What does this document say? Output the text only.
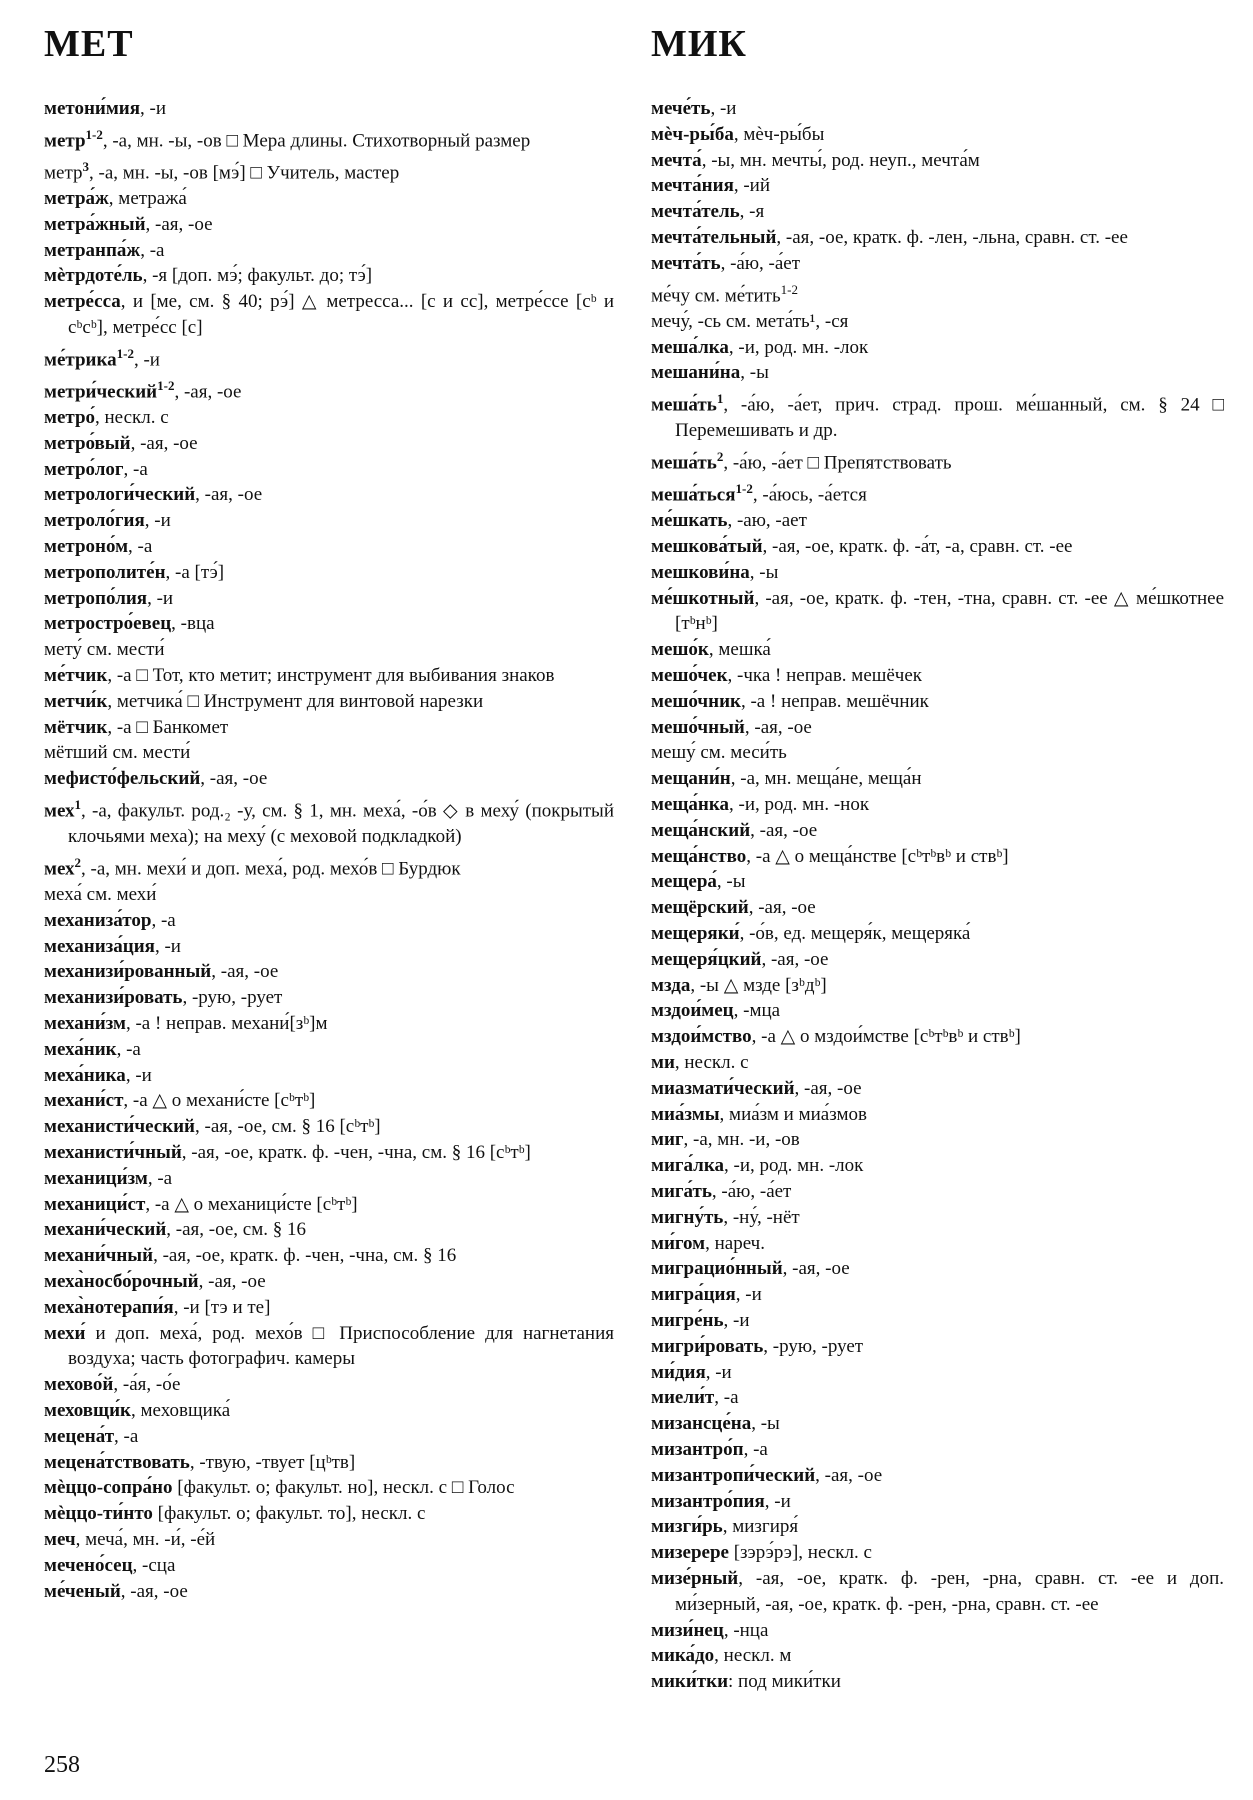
МЕТ	МИК
метони́мия, -и
метр$^{1-2}$, -а, мн. -ы, -ов □ Мера длины. Стихотворный размер
метр$^3$, -а, мн. -ы, -ов [мэ́] □ Учитель, мастер
метра́ж, метража́
метра́жный, -ая, -ое
метранпа́ж, -а
мѐтрдоте́ль, -я [доп. мэ́; факульт. до; тэ́]
метре́сса, и [ме, см. § 40; рэ́] △ метресса... [с и сс], метре́ссе [сᵇ и сᵇсᵇ], метре́сс [с]
ме́трика$^{1-2}$, -и
метри́ческий$^{1-2}$, -ая, -ое
метро́, нескл. с
метро́вый, -ая, -ое
метро́лог, -а
метрологи́ческий, -ая, -ое
метроло́гия, -и
метроно́м, -а
метрополите́н, -а [тэ́]
метропо́лия, -и
метростро́евец, -вца
мету́ см. мести́
ме́тчик, -а □ Тот, кто метит; инструмент для выбивания знаков
метчи́к, метчика́ □ Инструмент для винтовой нарезки
мётчик, -а □ Банкомет
мётший см. мести́
мефисто́фельский, -ая, -ое
мех$^1$, -а, факульт. род.₂ -у, см. § 1, мн. меха́, -о́в ◇ в меху́ (покрытый клочьями меха); на меху́ (с меховой подкладкой)
мех$^2$, -а, мн. мехи́ и доп. меха́, род. мехо́в □ Бурдюк
меха́ см. мехи́
механиза́тор, -а
механиза́ция, -и
механизи́рованный, -ая, -ое
механизи́ровать, -рую, -рует
механи́зм, -а ! неправ. механи́[зᵇ]м
меха́ник, -а
меха́ника, -и
механи́ст, -а △ о механи́сте [сᵇтᵇ]
механисти́ческий, -ая, -ое, см. § 16 [сᵇтᵇ]
механисти́чный, -ая, -ое, кратк. ф. -чен, -чна, см. § 16 [сᵇтᵇ]
механици́зм, -а
механици́ст, -а △ о механици́сте [сᵇтᵇ]
механи́ческий, -ая, -ое, см. § 16
механи́чный, -ая, -ое, кратк. ф. -чен, -чна, см. § 16
меха̀носбо́рочный, -ая, -ое
меха̀нотерапи́я, -и [тэ и те]
мехи́ и доп. меха́, род. мехо́в □ Приспособление для нагнетания воздуха; часть фотографич. камеры
мехово́й, -а́я, -о́е
меховщи́к, меховщика́
мецена́т, -а
мецена́тствовать, -твую, -твует [цᵇтв]
мѐццо-сопра́но [факульт. о; факульт. но], нескл. с □ Голос
мѐццо-ти́нто [факульт. о; факульт. то], нескл. с
меч, меча́, мн. -и́, -е́й
мечено́сец, -сца
ме́ченый, -ая, -ое
мече́ть, -и
мѐч-ры́ба, мѐч-ры́бы
мечта́, -ы, мн. мечты́, род. неуп., мечта́м
мечта́ния, -ий
мечта́тель, -я
мечта́тельный, -ая, -ое, кратк. ф. -лен, -льна, сравн. ст. -ее
мечта́ть, -а́ю, -а́ет
ме́чу см. ме́тить$^{1-2}$
мечу́, -сь см. мета́ть¹, -ся
меша́лка, -и, род. мн. -лок
мешани́на, -ы
$меша́ть^1$, -а́ю, -а́ет, прич. страд. прош. ме́шанный, см. § 24 □ Перемешивать и др.
$меша́ть^2$, -а́ю, -а́ет □ Препятствовать
меша́ться$^{1-2}$, -а́юсь, -а́ется
ме́шкать, -аю, -ает
мешкова́тый, -ая, -ое, кратк. ф. -а́т, -а, сравн. ст. -ее
мешкови́на, -ы
ме́шкотный, -ая, -ое, кратк. ф. -тен, -тна, сравн. ст. -ее △ ме́шкотнее [тᵇнᵇ]
мешо́к, мешка́
мешо́чек, -чка ! неправ. мешёчек
мешо́чник, -а ! неправ. мешёчник
мешо́чный, -ая, -ое
мешу́ см. меси́ть
мещани́н, -а, мн. меща́не, меща́н
меща́нка, -и, род. мн. -нок
меща́нский, -ая, -ое
меща́нство, -а △ о меща́нстве [сᵇтᵇвᵇ и ствᵇ]
мещера́, -ы
мещёрский, -ая, -ое
мещеряки́, -о́в, ед. мещеря́к, мещеряка́
мещеря́цкий, -ая, -ое
мзда, -ы △ мзде [зᵇдᵇ]
мздои́мец, -мца
мздои́мство, -а △ о мздои́мстве [сᵇтᵇвᵇ и ствᵇ]
ми, нескл. с
миазмати́ческий, -ая, -ое
миа́змы, миа́зм и миа́змов
миг, -а, мн. -и, -ов
мига́лка, -и, род. мн. -лок
мига́ть, -а́ю, -а́ет
мигну́ть, -ну́, -нёт
ми́гом, нареч.
миграцио́нный, -ая, -ое
мигра́ция, -и
мигре́нь, -и
мигри́ровать, -рую, -рует
ми́дия, -и
миели́т, -а
мизансце́на, -ы
мизантро́п, -а
мизантропи́ческий, -ая, -ое
мизантро́пия, -и
мизги́рь, мизгиря́
мизерере [зэрэ́рэ], нескл. с
мизе́рный, -ая, -ое, кратк. ф. -рен, -рна, сравн. ст. -ее и доп. ми́зерный, -ая, -ое, кратк. ф. -рен, -рна, сравн. ст. -ее
мизи́нец, -нца
мика́до, нескл. м
мики́тки: под мики́тки
258
